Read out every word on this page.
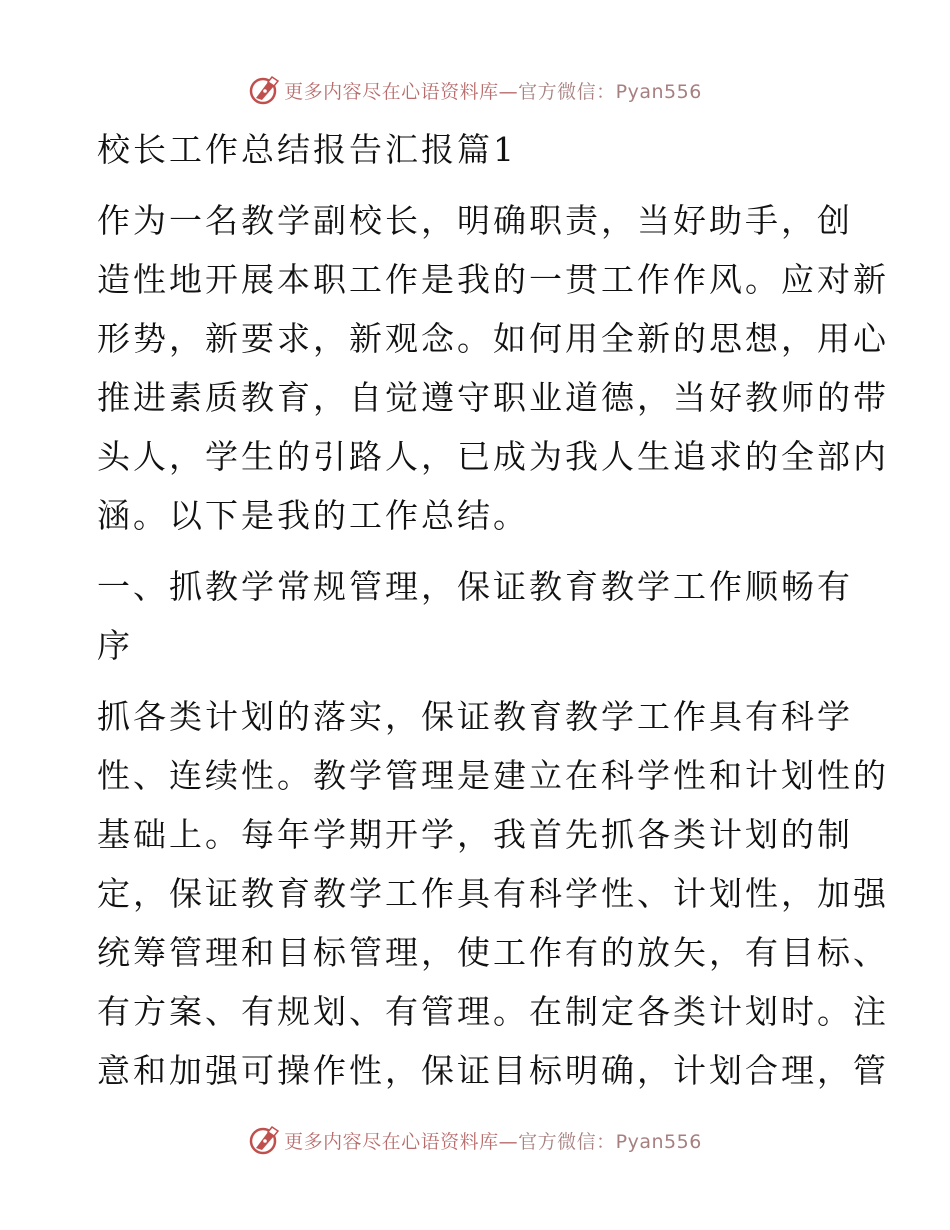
更多内容尽在心语资料库—官方微信：Pyan556
校长工作总结报告汇报篇1
作为一名教学副校长，明确职责，当好助手，创
造性地开展本职工作是我的一贯工作作风。应对新
形势，新要求，新观念。如何用全新的思想，用心
推进素质教育，自觉遵守职业道德，当好教师的带
头人，学生的引路人，已成为我人生追求的全部内
涵。以下是我的工作总结。
一、抓教学常规管理，保证教育教学工作顺畅有
序
抓各类计划的落实，保证教育教学工作具有科学
性、连续性。教学管理是建立在科学性和计划性的
基础上。每年学期开学，我首先抓各类计划的制
定，保证教育教学工作具有科学性、计划性，加强
统筹管理和目标管理，使工作有的放矢，有目标、
有方案、有规划、有管理。在制定各类计划时。注
意和加强可操作性，保证目标明确，计划合理，管
更多内容尽在心语资料库—官方微信：Pyan556
